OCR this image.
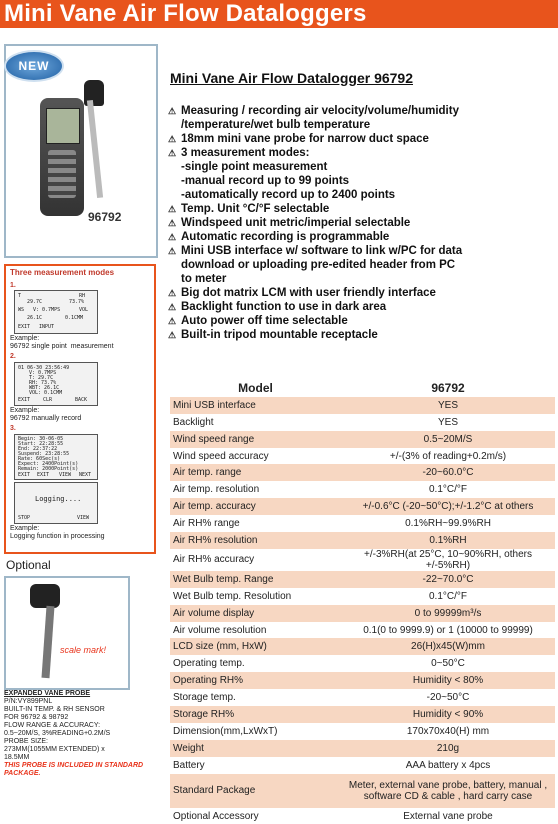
Mini Vane Air Flow Dataloggers
NEW
96792
Three measurement modes
1.
T	RH
29.7C	73.7%
WS V: 0.7MPS	VOL
26.1C	0.1CMM
EXIT INPUT
Example:
96792 single point  measurement
2.
01 06-30 23:56:49
V: 0.7MPS
T: 29.7C
RH: 73.7%
WBT: 26.1C
VOL: 0.1CMM
EXIT	CLR	BACK
Example:
96792 manually record
3.
Begin: 30-06-05
Start: 22:28:55
End: 22:37:22
Suspend: 23:28:55
Rate: 60Sec(s)
Expect: 2400Point(s)
Remain: 2000Point(s)
EXIT EXIT VIEW NEXT
Logging....
STOP	VIEW
Example:
Logging function in processing
Optional
scale mark!
EXPANDED VANE PROBE
P/N:VY899PNL
BUILT-IN TEMP. & RH SENSOR
FOR 96792 & 98792
FLOW RANGE & ACCURACY:
0.5~20M/S, 3%READING+0.2M/S
PROBE SIZE:
273MM(1055MM EXTENDED) x
18.5MM
THIS PROBE IS INCLUDED IN STANDARD PACKAGE.
Mini Vane Air Flow Datalogger 96792
⚠ Measuring / recording air velocity/volume/humidity
/temperature/wet bulb temperature
⚠ 18mm mini vane probe for narrow duct space
⚠ 3 measurement modes:
-single point measurement
-manual record up to 99 points
-automatically record up to 2400 points
⚠ Temp. Unit °C/°F selectable
⚠ Windspeed unit metric/imperial selectable
⚠ Automatic recording is programmable
⚠ Mini USB interface w/ software to link w/PC for data
download or uploading pre-edited header from PC
to meter
⚠ Big dot matrix LCM with user friendly interface
⚠ Backlight function to use in dark area
⚠ Auto power off time selectable
⚠ Built-in tripod mountable receptacle
Model	96792
Mini USB interface	YES
Backlight	YES
Wind speed range	0.5~20M/S
Wind speed accuracy	+/-(3% of reading+0.2m/s)
Air temp. range	-20~60.0°C
Air temp. resolution	0.1°C/°F
Air temp. accuracy	+/-0.6°C (-20~50°C);+/-1.2°C at others
Air RH% range	0.1%RH~99.9%RH
Air RH% resolution	0.1%RH
Air RH% accuracy	+/-3%RH(at 25°C, 10~90%RH, others +/-5%RH)
Wet Bulb temp. Range	-22~70.0°C
Wet Bulb temp. Resolution	0.1°C/°F
Air volume display	0 to 99999m³/s
Air volume resolution	0.1(0 to 9999.9) or 1 (10000 to 99999)
LCD size (mm, HxW)	26(H)x45(W)mm
Operating temp.	0~50°C
Operating RH%	Humidity < 80%
Storage temp.	-20~50°C
Storage RH%	Humidity < 90%
Dimension(mm,LxWxT)	170x70x40(H) mm
Weight	210g
Battery	AAA battery x 4pcs
Standard Package	Meter, external vane probe, battery, manual , software CD & cable , hard carry case
Optional Accessory	External vane probe
